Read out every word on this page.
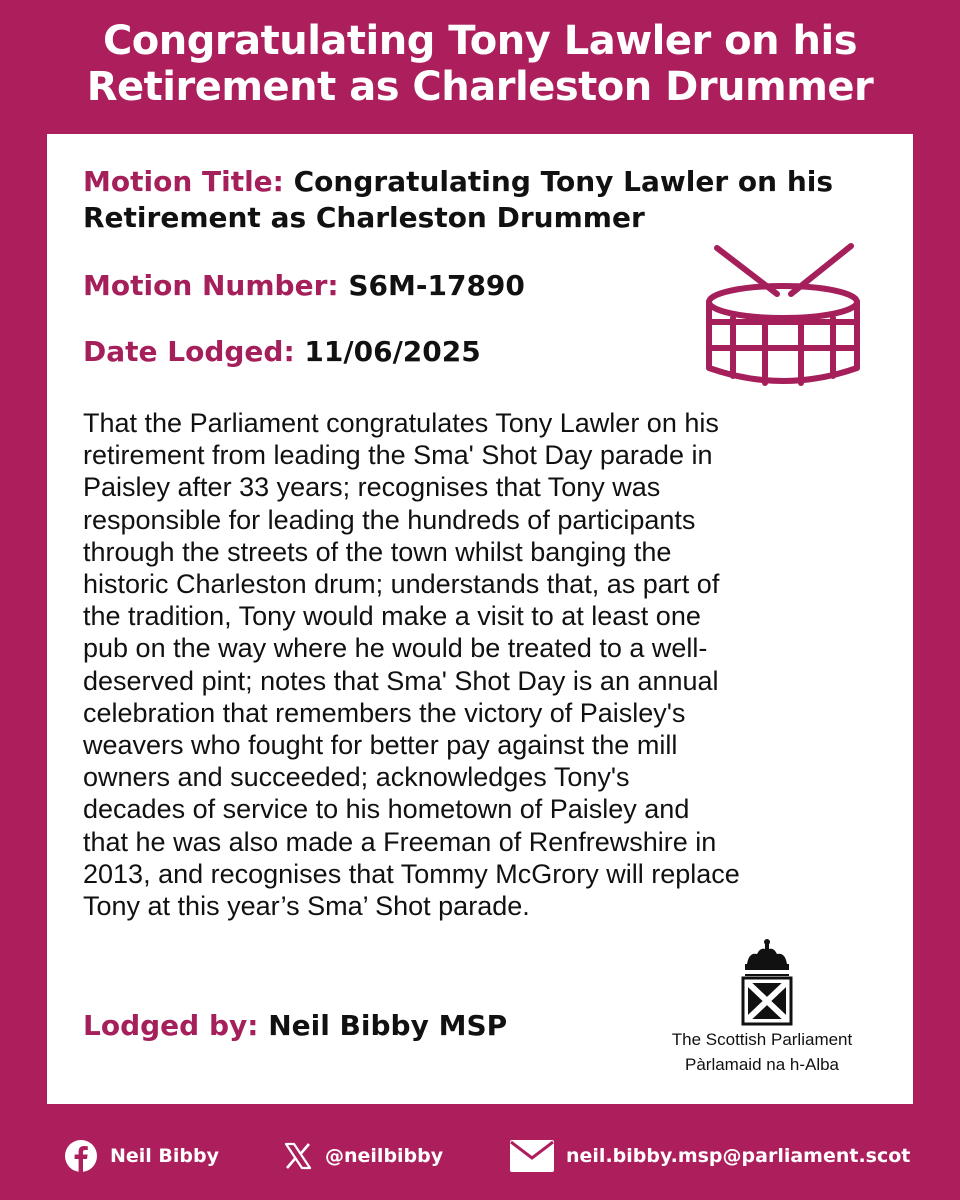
Congratulating Tony Lawler on his
Retirement as Charleston Drummer
Motion Title: Congratulating Tony Lawler on his Retirement as Charleston Drummer
Motion Number: S6M-17890
Date Lodged: 11/06/2025
That the Parliament congratulates Tony Lawler on his
retirement from leading the Sma' Shot Day parade in
Paisley after 33 years; recognises that Tony was
responsible for leading the hundreds of participants
through the streets of the town whilst banging the
historic Charleston drum; understands that, as part of
the tradition, Tony would make a visit to at least one
pub on the way where he would be treated to a well-
deserved pint; notes that Sma' Shot Day is an annual
celebration that remembers the victory of Paisley's
weavers who fought for better pay against the mill
owners and succeeded; acknowledges Tony's
decades of service to his hometown of Paisley and
that he was also made a Freeman of Renfrewshire in
2013, and recognises that Tommy McGrory will replace
Tony at this year’s Sma’ Shot parade.
Lodged by: Neil Bibby MSP	The Scottish Parliament
Pàrlamaid na h-Alba
Neil Bibby	@neilbibby	neil.bibby.msp@parliament.scot
